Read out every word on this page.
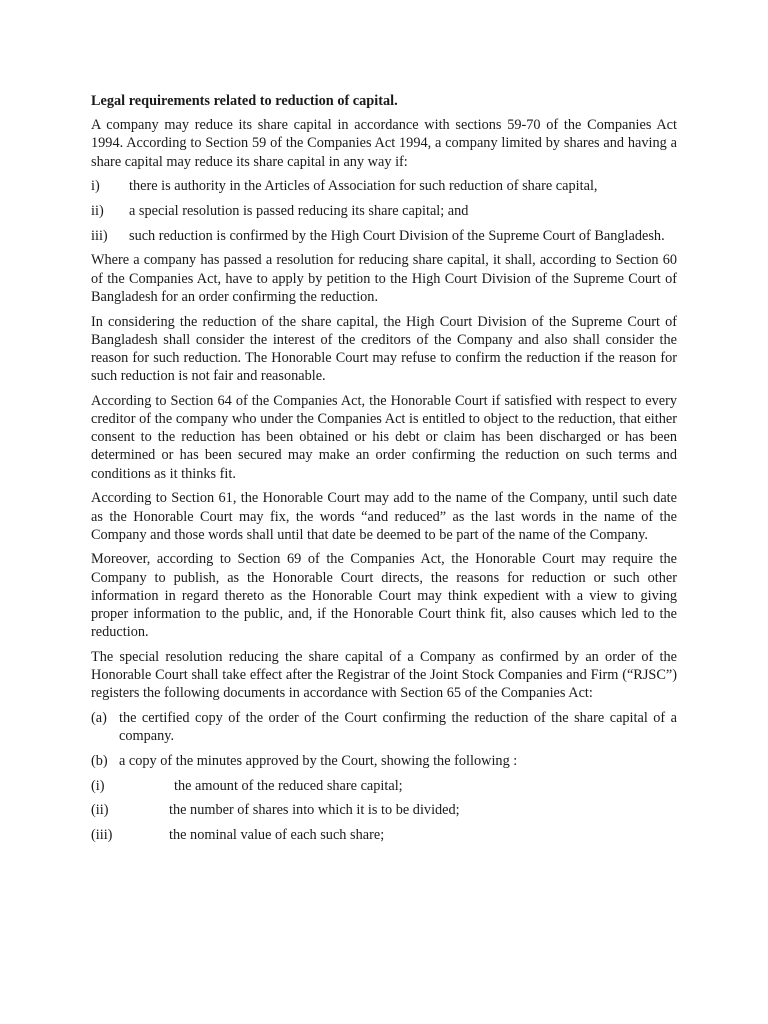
Legal requirements related to reduction of capital.

A company may reduce its share capital in accordance with sections 59-70 of the Companies Act 1994. According to Section 59 of the Companies Act 1994, a company limited by shares and having a share capital may reduce its share capital in any way if:

i)	there is authority in the Articles of Association for such reduction of share capital,
ii)	a special resolution is passed reducing its share capital; and
iii)	such reduction is confirmed by the High Court Division of the Supreme Court of Bangladesh.

Where a company has passed a resolution for reducing share capital, it shall, according to Section 60 of the Companies Act, have to apply by petition to the High Court Division of the Supreme Court of Bangladesh for an order confirming the reduction.

In considering the reduction of the share capital, the High Court Division of the Supreme Court of Bangladesh shall consider the interest of the creditors of the Company and also shall consider the reason for such reduction. The Honorable Court may refuse to confirm the reduction if the reason for such reduction is not fair and reasonable.

According to Section 64 of the Companies Act, the Honorable Court if satisfied with respect to every creditor of the company who under the Companies Act is entitled to object to the reduction, that either consent to the reduction has been obtained or his debt or claim has been discharged or has been determined or has been secured may make an order confirming the reduction on such terms and conditions as it thinks fit.

According to Section 61, the Honorable Court may add to the name of the Company, until such date as the Honorable Court may fix, the words “and reduced” as the last words in the name of the Company and those words shall until that date be deemed to be part of the name of the Company.

Moreover, according to Section 69 of the Companies Act, the Honorable Court may require the Company to publish, as the Honorable Court directs, the reasons for reduction or such other information in regard thereto as the Honorable Court may think expedient with a view to giving proper information to the public, and, if the Honorable Court think fit, also causes which led to the reduction.

The special resolution reducing the share capital of a Company as confirmed by an order of the Honorable Court shall take effect after the Registrar of the Joint Stock Companies and Firm (“RJSC”) registers the following documents in accordance with Section 65 of the Companies Act:

(a) the certified copy of the order of the Court confirming the reduction of the share capital of a company.
(b) a copy of the minutes approved by the Court, showing the following :
(i)	the amount of the reduced share capital;
(ii)	the number of shares into which it is to be divided;
(iii)	the nominal value of each such share;
